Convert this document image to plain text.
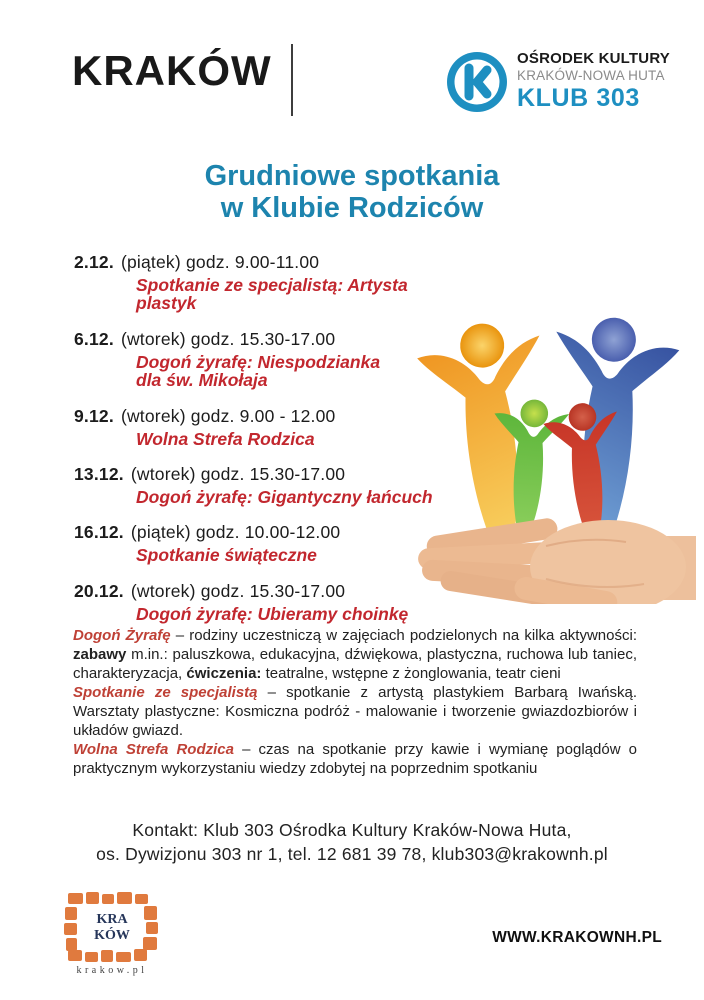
KRAKÓW	OŚRODEK KULTURY
KRAKÓW-NOWA HUTA
KLUB 303
Grudniowe spotkania
w Klubie Rodziców
2.12. (piątek) godz. 9.00-11.00
Spotkanie ze specjalistą: Artysta plastyk
6.12. (wtorek) godz. 15.30-17.00
Dogoń żyrafę: Niespodzianka
dla św. Mikołaja
9.12. (wtorek) godz. 9.00 - 12.00
Wolna Strefa Rodzica
13.12. (wtorek) godz. 15.30-17.00
Dogoń żyrafę: Gigantyczny łańcuch
16.12. (piątek) godz. 10.00-12.00
Spotkanie świąteczne
20.12. (wtorek) godz. 15.30-17.00
Dogoń żyrafę: Ubieramy choinkę

Dogoń Żyrafę – rodziny uczestniczą w zajęciach podzielonych na kilka aktywności: zabawy m.in.: paluszkowa, edukacyjna, dźwiękowa, plastyczna, ruchowa lub taniec, charakteryzacja, ćwiczenia: teatralne, wstępne z żonglowania, teatr cieni

Spotkanie ze specjalistą – spotkanie z artystą plastykiem Barbarą Iwańską. Warsztaty plastyczne: Kosmiczna podróż - malowanie i tworzenie gwiazdozbiorów i układów gwiazd.

Wolna Strefa Rodzica – czas na spotkanie przy kawie i wymianę poglądów o praktycznym wykorzystaniu wiedzy zdobytej na poprzednim spotkaniu

Kontakt: Klub 303 Ośrodka Kultury Kraków-Nowa Huta,
os. Dywizjonu 303 nr 1, tel. 12 681 39 78, klub303@krakownh.pl
KRA
KÓW
krakow.pl
WWW.KRAKOWNH.PL
